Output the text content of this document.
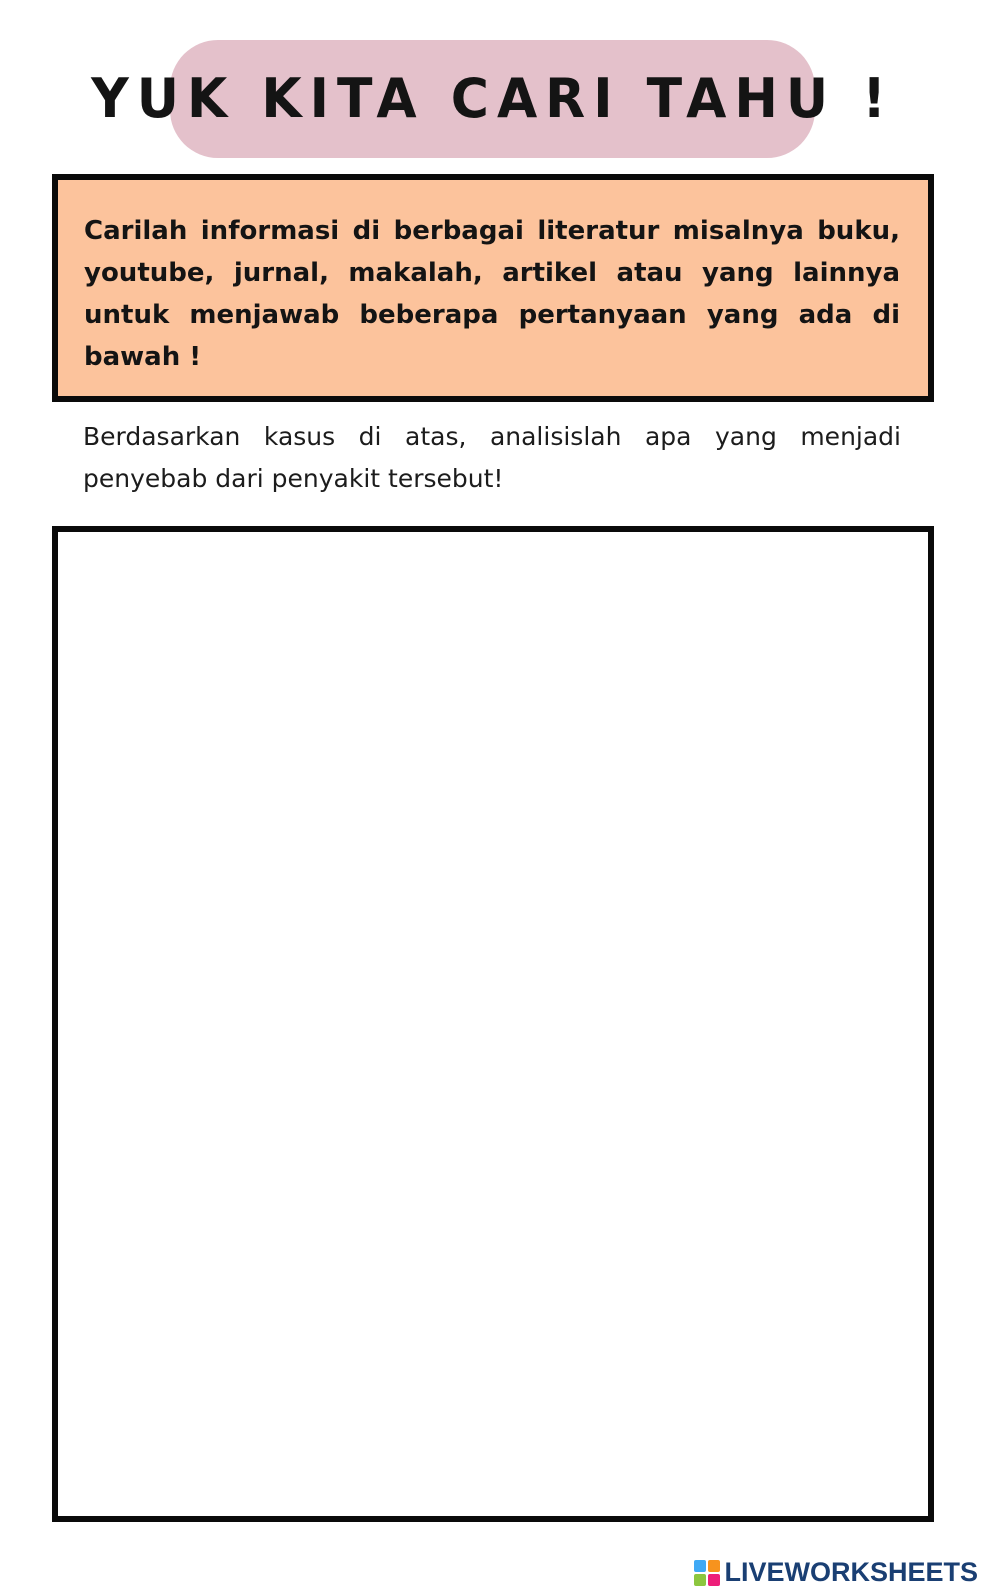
YUK KITA CARI TAHU !

Carilah informasi di berbagai literatur misalnya buku, youtube, jurnal, makalah, artikel atau yang lainnya untuk menjawab beberapa pertanyaan yang ada di bawah !

Berdasarkan kasus di atas, analisislah apa yang menjadi penyebab dari penyakit tersebut!

LIVEWORKSHEETS
